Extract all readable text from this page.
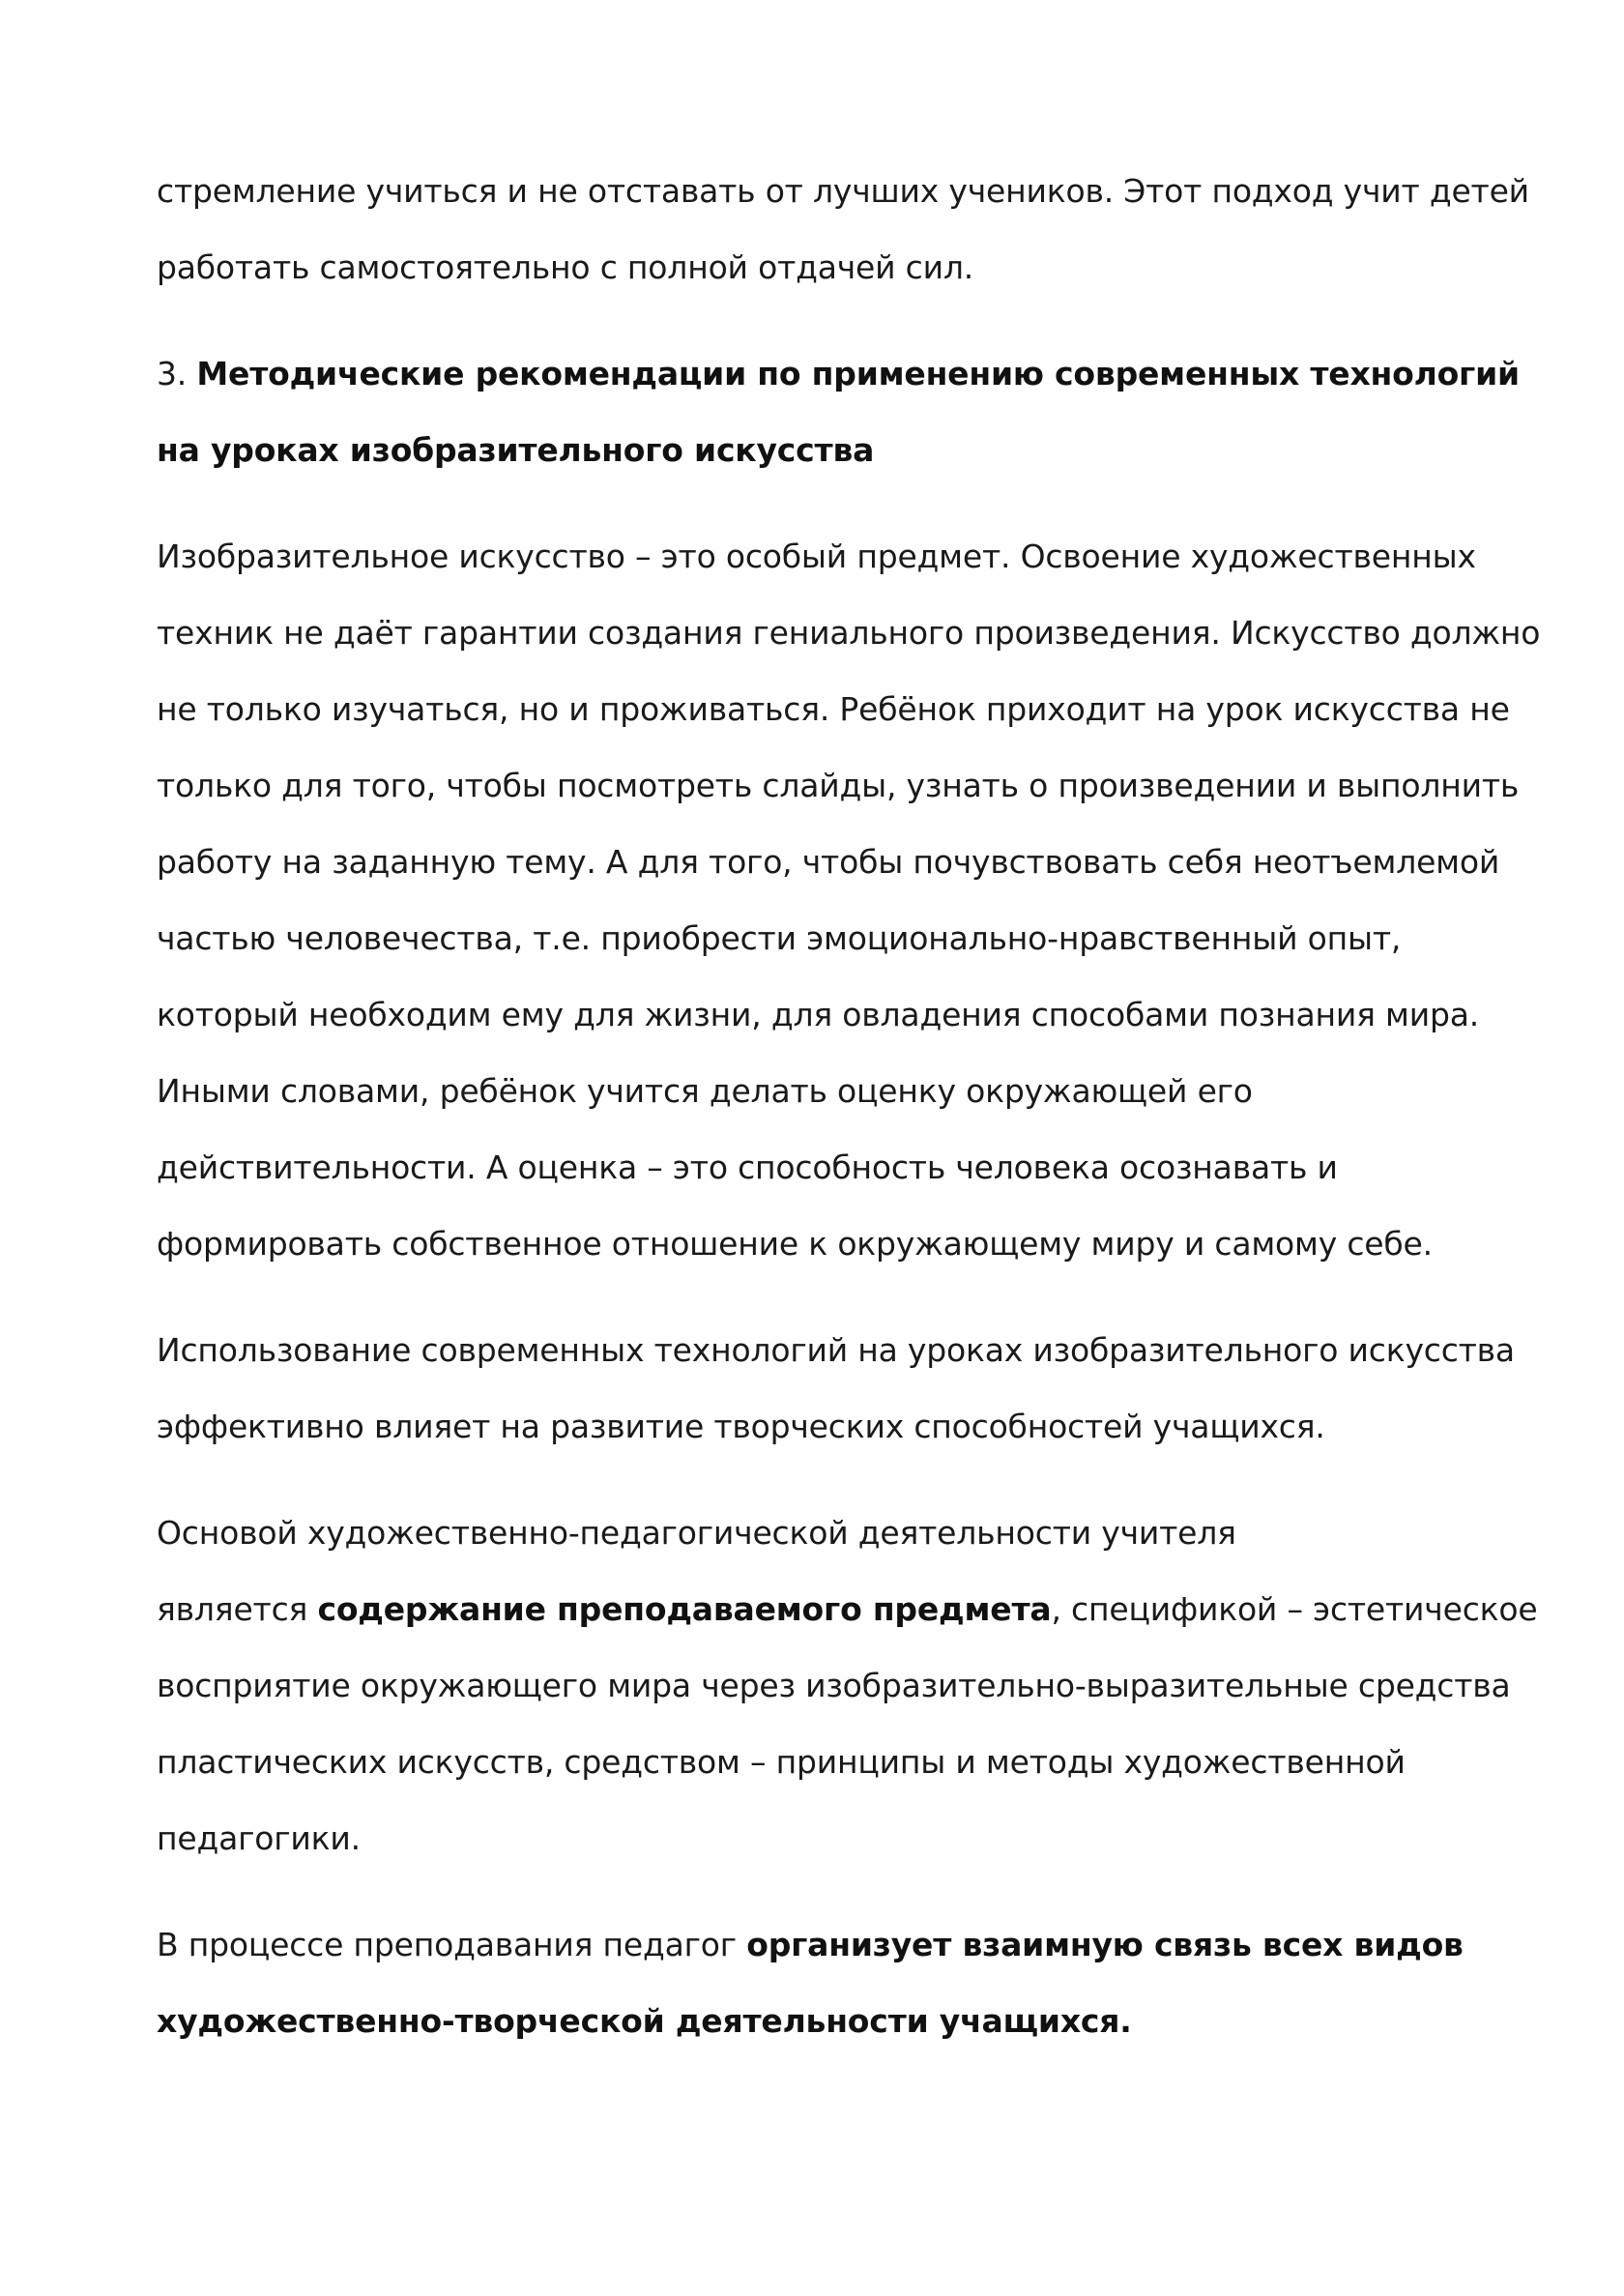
стремление учиться и не отставать от лучших учеников. Этот подход учит детей
работать самостоятельно с полной отдачей сил.
3. Методические рекомендации по применению современных технологий
на уроках изобразительного искусства
Изобразительное искусство – это особый предмет. Освоение художественных
техник не даёт гарантии создания гениального произведения. Искусство должно
не только изучаться, но и проживаться. Ребёнок приходит на урок искусства не
только для того, чтобы посмотреть слайды, узнать о произведении и выполнить
работу на заданную тему. А для того, чтобы почувствовать себя неотъемлемой
частью человечества, т.е. приобрести эмоционально-нравственный опыт,
который необходим ему для жизни, для овладения способами познания мира.
Иными словами, ребёнок учится делать оценку окружающей его
действительности. А оценка – это способность человека осознавать и
формировать собственное отношение к окружающему миру и самому себе.
Использование современных технологий на уроках изобразительного искусства
эффективно влияет на развитие творческих способностей учащихся.
Основой художественно-педагогической деятельности учителя
является содержание преподаваемого предмета, спецификой – эстетическое
восприятие окружающего мира через изобразительно-выразительные средства
пластических искусств, средством – принципы и методы художественной
педагогики.
В процессе преподавания педагог организует взаимную связь всех видов
художественно-творческой деятельности учащихся.
